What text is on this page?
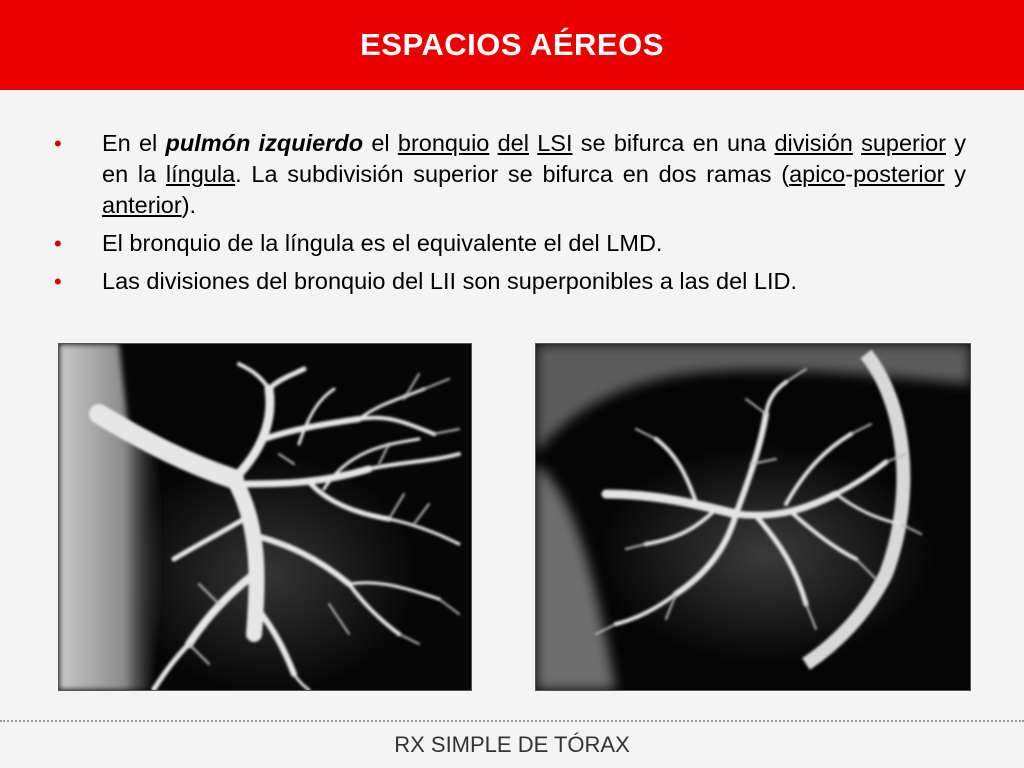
ESPACIOS AÉREOS
• En el pulmón izquierdo el bronquio del LSI se bifurca en una división superior y en la língula. La subdivisión superior se bifurca en dos ramas (apico-posterior y anterior).
• El bronquio de la língula es el equivalente el del LMD.
• Las divisiones del bronquio del LII son superponibles a las del LID.
RX SIMPLE DE TÓRAX
